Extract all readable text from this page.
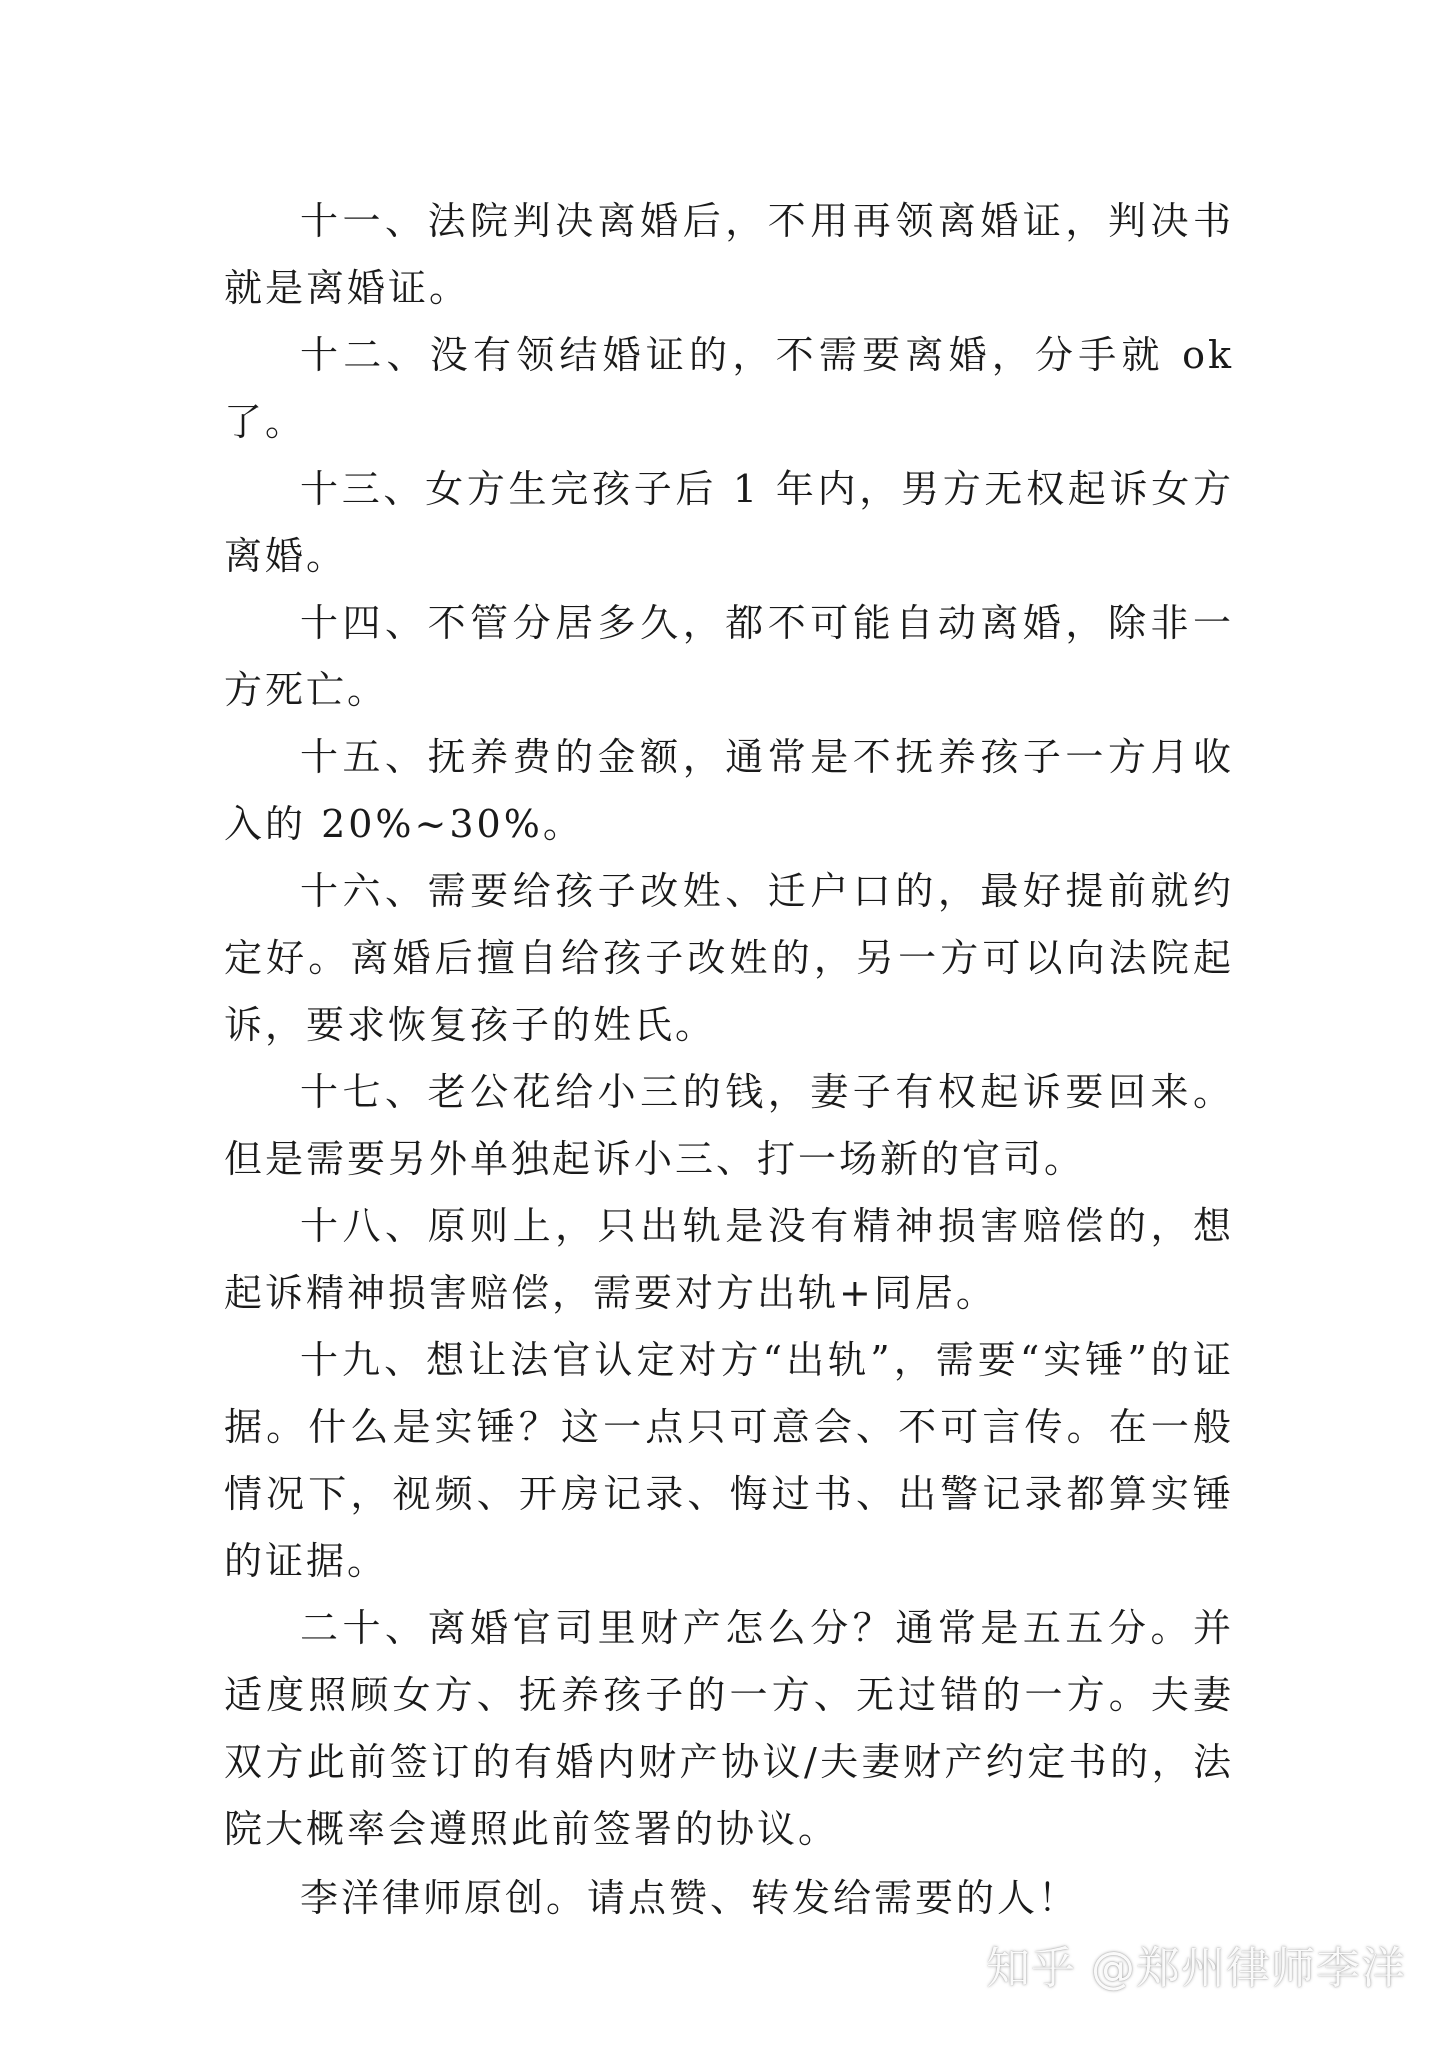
十一、法院判决离婚后，不用再领离婚证，判决书就是离婚证。

十二、没有领结婚证的，不需要离婚，分手就 ok 了。

十三、女方生完孩子后 1 年内，男方无权起诉女方离婚。

十四、不管分居多久，都不可能自动离婚，除非一方死亡。

十五、抚养费的金额，通常是不抚养孩子一方月收入的 20%~30%。

十六、需要给孩子改姓、迁户口的，最好提前就约定好。离婚后擅自给孩子改姓的，另一方可以向法院起诉，要求恢复孩子的姓氏。

十七、老公花给小三的钱，妻子有权起诉要回来。但是需要另外单独起诉小三、打一场新的官司。

十八、原则上，只出轨是没有精神损害赔偿的，想起诉精神损害赔偿，需要对方出轨+同居。

十九、想让法官认定对方“出轨”，需要“实锤”的证据。什么是实锤？这一点只可意会、不可言传。在一般情况下，视频、开房记录、悔过书、出警记录都算实锤的证据。

二十、离婚官司里财产怎么分？通常是五五分。并适度照顾女方、抚养孩子的一方、无过错的一方。夫妻双方此前签订的有婚内财产协议/夫妻财产约定书的，法院大概率会遵照此前签署的协议。

李洋律师原创。请点赞、转发给需要的人！

知乎 @郑州律师李洋
